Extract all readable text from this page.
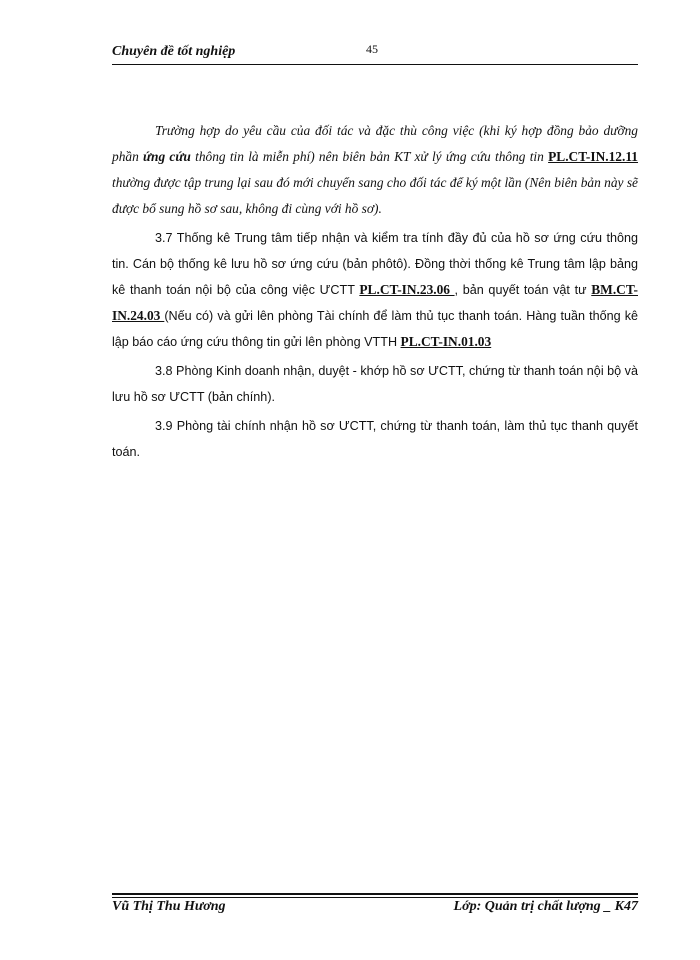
Chuyên đề tốt nghiệp	45

Trường hợp do yêu cầu của đối tác và đặc thù công việc (khi ký hợp đồng bảo dưỡng phần ứng cứu thông tin là miễn phí) nên biên bản KT xử lý ứng cứu thông tin PL.CT-IN.12.11 thường được tập trung lại sau đó mới chuyển sang cho đối tác để ký một lần (Nên biên bản này sẽ được bổ sung hồ sơ sau, không đi cùng với hồ sơ).

3.7 Thống kê Trung tâm tiếp nhận và kiểm tra tính đầy đủ của hồ sơ ứng cứu thông tin. Cán bộ thống kê lưu hồ sơ ứng cứu (bản phôtô). Đồng thời thống kê Trung tâm lập bảng kê thanh toán nội bộ của công việc ƯCTT PL.CT-IN.23.06 , bản quyết toán vật tư BM.CT-IN.24.03 (Nếu có) và gửi lên phòng Tài chính để làm thủ tục thanh toán. Hàng tuần thống kê lập báo cáo ứng cứu thông tin gửi lên phòng VTTH PL.CT-IN.01.03

3.8 Phòng Kinh doanh nhận, duyệt - khớp hồ sơ ƯCTT, chứng từ thanh toán nội bộ và lưu hồ sơ ƯCTT (bản chính).

3.9 Phòng tài chính nhận hồ sơ ƯCTT, chứng từ thanh toán, làm thủ tục thanh quyết toán.

Vũ Thị Thu Hương	Lớp: Quản trị chất lượng _ K47
